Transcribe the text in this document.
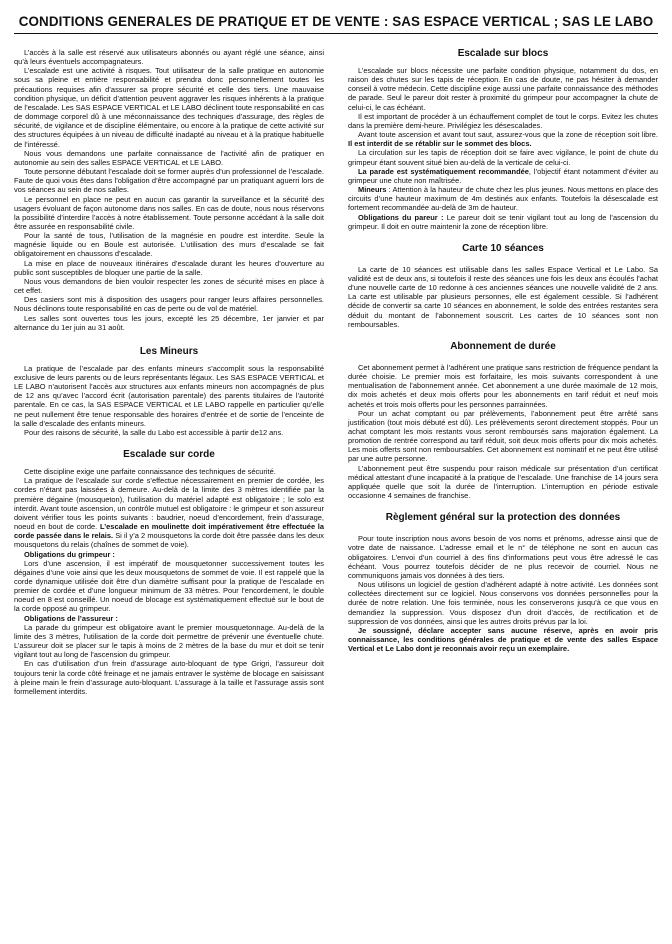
CONDITIONS GENERALES DE PRATIQUE ET DE VENTE : SAS ESPACE VERTICAL ; SAS LE LABO

L’accès à la salle est réservé aux utilisateurs abonnés ou ayant réglé une séance, ainsi qu’à leurs éventuels accompagnateurs.

L’escalade est une activité à risques. Tout utilisateur de la salle pratique en autonomie sous sa pleine et entière responsabilité et prendra donc personnellement toutes les précautions requises afin d’assurer sa propre sécurité et celle des tiers. Une mauvaise condition physique, un déficit d’attention peuvent aggraver les risques inhérents à la pratique de l’escalade. Les SAS ESPACE VERTICAL et LE LABO déclinent toute responsabilité en cas de dommage corporel dû à une méconnaissance des techniques d’assurage, des règles de sécurité, de vigilance et de discipline élémentaire, ou encore à la pratique de cette activité sur des structures équipées à un niveau de difficulté inadapté au niveau et à la pratique habituelle de l’intéressé.

Nous vous demandons une parfaite connaissance de l’activité afin de pratiquer en autonomie au sein des salles ESPACE VERTICAL et LE LABO.

Toute personne débutant l’escalade doit se former auprès d’un professionnel de l’escalade. Faute de quoi vous êtes dans l’obligation d’être accompagné par un pratiquant aguerri lors de vos séances au sein de nos salles.

Le personnel en place ne peut en aucun cas garantir la surveillance et la sécurité des usagers évoluant de façon autonome dans nos salles. En cas de doute, nous nous réservons la possibilité d’interdire l’accès à notre établissement. Toute personne accédant à la salle doit être assurée en responsabilité civile.

Pour la santé de tous, l’utilisation de la magnésie en poudre est interdite. Seule la magnésie liquide ou en Boule est autorisée. L’utilisation des murs d’escalade se fait obligatoirement en chaussons d’escalade.

La mise en place de nouveaux itinéraires d’escalade durant les heures d’ouverture au public sont susceptibles de bloquer une partie de la salle.

Nous vous demandons de bien vouloir respecter les zones de sécurité mises en place à cet effet.

Des casiers sont mis à disposition des usagers pour ranger leurs affaires personnelles. Nous déclinons toute responsabilité en cas de perte ou de vol de matériel.

Les salles sont ouvertes tous les jours, excepté les 25 décembre, 1er janvier et par alternance du 1er juin au 31 août.

Les Mineurs

La pratique de l’escalade par des enfants mineurs s’accomplit sous la responsabilité exclusive de leurs parents ou de leurs représentants légaux. Les SAS ESPACE VERTICAL et LE LABO n’autorisent l’accès aux structures aux enfants mineurs non accompagnés de plus de 12 ans qu’avec l’accord écrit (autorisation parentale) des parents titulaires de l’autorité parentale. En ce cas, la SAS ESPACE VERTICAL et LE LABO rappelle en particulier qu’elle ne peut nullement être tenue responsable des horaires d’entrée et de sortie de l’enceinte de la salle d’escalade des enfants mineurs.

Pour des raisons de sécurité, la salle du Labo est accessible à partir de12 ans.

Escalade sur corde

Cette discipline exige une parfaite connaissance des techniques de sécurité.

La pratique de l’escalade sur corde s’effectue nécessairement en premier de cordée, les cordes n’étant pas laissées à demeure. Au-delà de la limite des 3 mètres identifiée par la première dégaine (mousqueton), l’utilisation du matériel adapté est obligatoire ; le solo est interdit. Avant toute ascension, un contrôle mutuel est obligatoire : le grimpeur et son assureur doivent vérifier tous les points suivants : baudrier, noeud d’encordement, frein d’assurage, noeud en bout de corde. L’escalade en moulinette doit impérativement être effectuée la corde passée dans le relais. Si il y’a 2 mousquetons la corde doit être passée dans les deux mousquetons du relais (chaînes de sommet de voie).

Obligations du grimpeur :

Lors d’une ascension, il est impératif de mousquetonner successivement toutes les dégaines d’une voie ainsi que les deux mousquetons de sommet de voie. Il est rappelé que la corde dynamique utilisée doit être d’un diamètre suffisant pour la pratique de l’escalade en premier de cordée et d’une longueur minimum de 33 mètres. Pour l’encordement, le double noeud en 8 est conseillé. Un noeud de blocage est systématiquement effectué sur le bout de la corde opposé au grimpeur.

Obligations de l’assureur :

La parade du grimpeur est obligatoire avant le premier mousquetonnage. Au-delà de la limite des 3 mètres, l’utilisation de la corde doit permettre de prévenir une éventuelle chute. L’assureur doit se placer sur le tapis à moins de 2 mètres de la base du mur et doit se tenir vigilant tout au long de l’ascension du grimpeur.

En cas d’utilisation d’un frein d’assurage auto-bloquant de type Grigri, l’assureur doit toujours tenir la corde côté freinage et ne jamais entraver le système de blocage en saisissant à pleine main le frein d’assurage auto-bloquant. L’assurage à la taille et l’assurage assis sont formellement interdits.

Escalade sur blocs

L’escalade sur blocs nécessite une parfaite condition physique, notamment du dos, en raison des chutes sur les tapis de réception. En cas de doute, ne pas hésiter à demander conseil à votre médecin. Cette discipline exige aussi une parfaite connaissance des méthodes de parade. Seul le pareur doit rester à proximité du grimpeur pour accompagner la chute de celui-ci, le cas échéant.

Il est important de procéder à un échauffement complet de tout le corps. Evitez les chutes dans la première demi-heure. Privilégiez les désescalades.

Avant toute ascension et avant tout saut, assurez-vous que la zone de réception soit libre. Il est interdit de se rétablir sur le sommet des blocs.

La circulation sur les tapis de réception doit se faire avec vigilance, le point de chute du grimpeur étant souvent situé bien au-delà de la verticale de celui-ci.

La parade est systématiquement recommandée, l’objectif étant notamment d’éviter au grimpeur une chute non maîtrisée.

Mineurs : Attention à la hauteur de chute chez les plus jeunes. Nous mettons en place des circuits d’une hauteur maximum de 4m destinés aux enfants. Toutefois la désescalade est fortement recommandée au-delà de 3m de hauteur.

Obligations du pareur : Le pareur doit se tenir vigilant tout au long de l’ascension du grimpeur. Il doit en outre maintenir la zone de réception libre.

Carte 10 séances

La carte de 10 séances est utilisable dans les salles Espace Vertical et Le Labo. Sa validité est de deux ans, si toutefois il reste des séances une fois les deux ans écoulés l’achat d’une nouvelle carte de 10 redonne à ces anciennes séances une nouvelle validité de 2 ans. La carte est utilisable par plusieurs personnes, elle est également cessible. Si l’adhérent décide de convertir sa carte 10 séances en abonnement, le solde des entrées restantes sera déduit du montant de l’abonnement souscrit. Les cartes de 10 séances sont non remboursables.

Abonnement de durée

Cet abonnement permet à l’adhérent une pratique sans restriction de fréquence pendant la durée choisie. Le premier mois est forfaitaire, les mois suivants correspondent à une mentualisation de l’abonnement année. Cet abonnement a une durée maximale de 12 mois, dix mois achetés et deux mois offerts pour les abonnements en tarif réduit et neuf mois achetés et trois mois offerts pour les personnes parrainnées.

Pour un achat comptant ou par prélèvements, l’abonnement peut être arrêté sans justification (tout mois débuté est dû). Les prélèvements seront directement stoppés. Pour un achat comptant les mois restants vous seront remboursés sans majoration également. La promotion de rentrée correspond au tarif réduit, soit deux mois offerts pour dix mois achetés. Les mois offerts sont non remboursables. Cet abonnement est nominatif et ne peut être utilisé par une autre personne.

L’abonnement peut être suspendu pour raison médicale sur présentation d’un certificat médical attestant d’une incapacité à la pratique de l’escalade. Une franchise de 14 jours sera appliquée quelle que soit la durée de l’interruption. L’interruption en période estivale occasionne 4 semaines de franchise.

Règlement général sur la protection des données

Pour toute inscription nous avons besoin de vos noms et prénoms, adresse ainsi que de votre date de naissance. L’adresse email et le n° de téléphone ne sont en aucun cas obligatoires. L’envoi d’un courriel à des fins d’informations peut vous être adressé le cas échéant. Vous pourrez toutefois décider de ne plus recevoir de courriel. Nous ne communiquons jamais vos données à des tiers.

Nous utilisons un logiciel de gestion d’adhérent adapté à notre activité. Les données sont collectées directement sur ce logiciel. Nous conservons vos données personnelles pour la durée de notre relation. Une fois terminée, nous les conserverons jusqu’à ce que vous en demandiez la suppression. Vous disposez d’un droit d’accès, de rectification et de suppression de vos données, ainsi que les autres droits prévus par la loi.

Je soussigné, déclare accepter sans aucune réserve, après en avoir pris connaissance, les conditions générales de pratique et de vente des salles Espace Vertical et Le Labo dont je reconnais avoir reçu un exemplaire.
